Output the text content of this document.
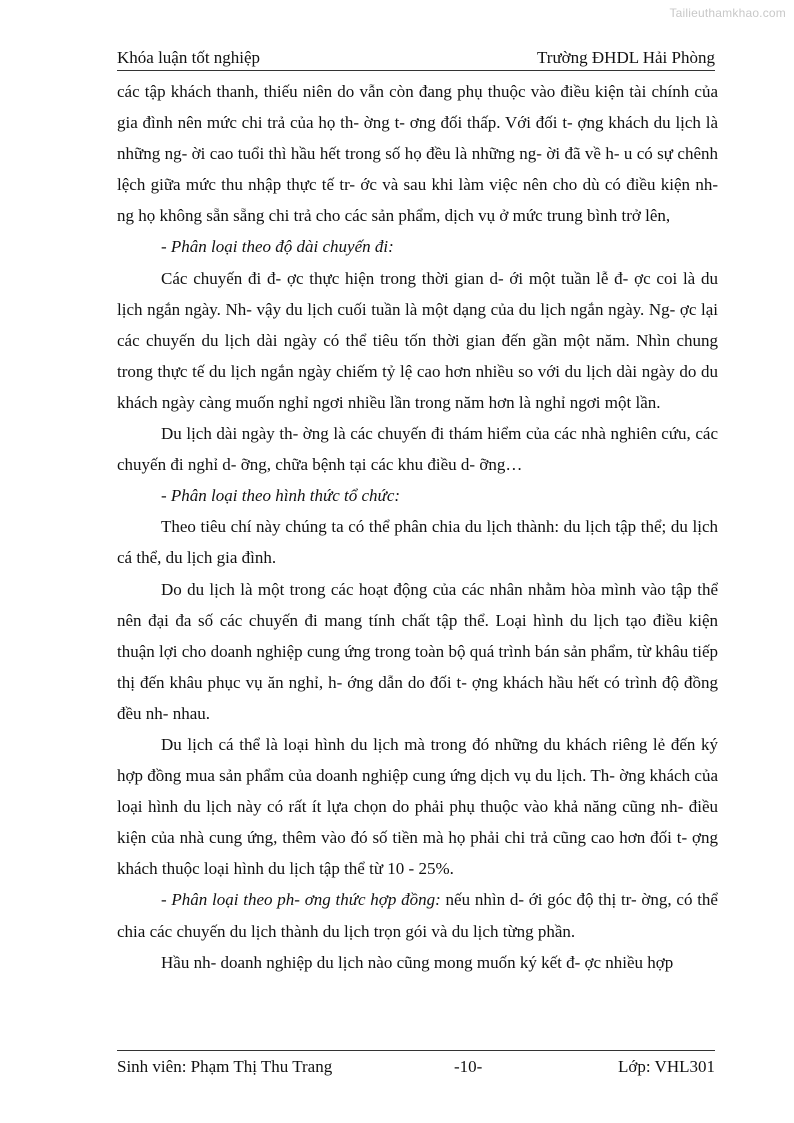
Tailieuthamkhao.com
Khóa luận tốt nghiệp	Trường ĐHDL Hải Phòng

các tập khách thanh, thiếu niên do vẫn còn đang phụ thuộc vào điều kiện tài chính của gia đình nên mức chi trả của họ th- ờng t- ơng đối thấp. Với đối t- ợng khách du lịch là những ng- ời cao tuổi thì hầu hết trong số họ đều là những ng- ời đã về h- u có sự chênh lệch giữa mức thu nhập thực tế tr- ớc và sau khi làm việc nên cho dù có điều kiện nh- ng họ không sẵn sẵng chi trả cho các sản phẩm, dịch vụ ở mức trung bình trở lên,

- Phân loại theo độ dài chuyến đi:

Các chuyến đi đ- ợc thực hiện trong thời gian d- ới một tuần lễ đ- ợc coi là du lịch ngắn ngày. Nh- vậy du lịch cuối tuần là một dạng của du lịch ngắn ngày. Ng- ợc lại các chuyến du lịch dài ngày có thể tiêu tốn thời gian đến gần một năm. Nhìn chung trong thực tế du lịch ngắn ngày chiếm tỷ lệ cao hơn nhiều so với du lịch dài ngày do du khách ngày càng muốn nghỉ ngơi nhiều lần trong năm hơn là nghỉ ngơi một lần.

Du lịch dài ngày th- ờng là các chuyến đi thám hiểm của các nhà nghiên cứu, các chuyến đi nghỉ d- ỡng, chữa bệnh tại các khu điều d- ỡng…

- Phân loại theo hình thức tổ chức:

Theo tiêu chí này chúng ta có thể phân chia du lịch thành: du lịch tập thể; du lịch cá thể, du lịch gia đình.

Do du lịch là một trong các hoạt động của các nhân nhằm hòa mình vào tập thể nên đại đa số các chuyến đi mang tính chất tập thể. Loại hình du lịch tạo điều kiện thuận lợi cho doanh nghiệp cung ứng trong toàn bộ quá trình bán sản phẩm, từ khâu tiếp thị đến khâu phục vụ ăn nghỉ, h- ớng dẫn do đối t- ợng khách hầu hết có trình độ đồng đều nh- nhau.

Du lịch cá thể là loại hình du lịch mà trong đó những du khách riêng lẻ đến ký hợp đồng mua sản phẩm của doanh nghiệp cung ứng dịch vụ du lịch. Th- ờng khách của loại hình du lịch này có rất ít lựa chọn do phải phụ thuộc vào khả năng cũng nh- điều kiện của nhà cung ứng, thêm vào đó số tiền mà họ phải chi trả cũng cao hơn đối t- ợng khách thuộc loại hình du lịch tập thể từ 10 - 25%.

- Phân loại theo ph- ơng thức hợp đồng: nếu nhìn d- ới góc độ thị tr- ờng, có thể chia các chuyến du lịch thành du lịch trọn gói và du lịch từng phần.

Hầu nh- doanh nghiệp du lịch nào cũng mong muốn ký kết đ- ợc nhiều hợp

Sinh viên: Phạm Thị Thu Trang	-10-	Lớp: VHL301
